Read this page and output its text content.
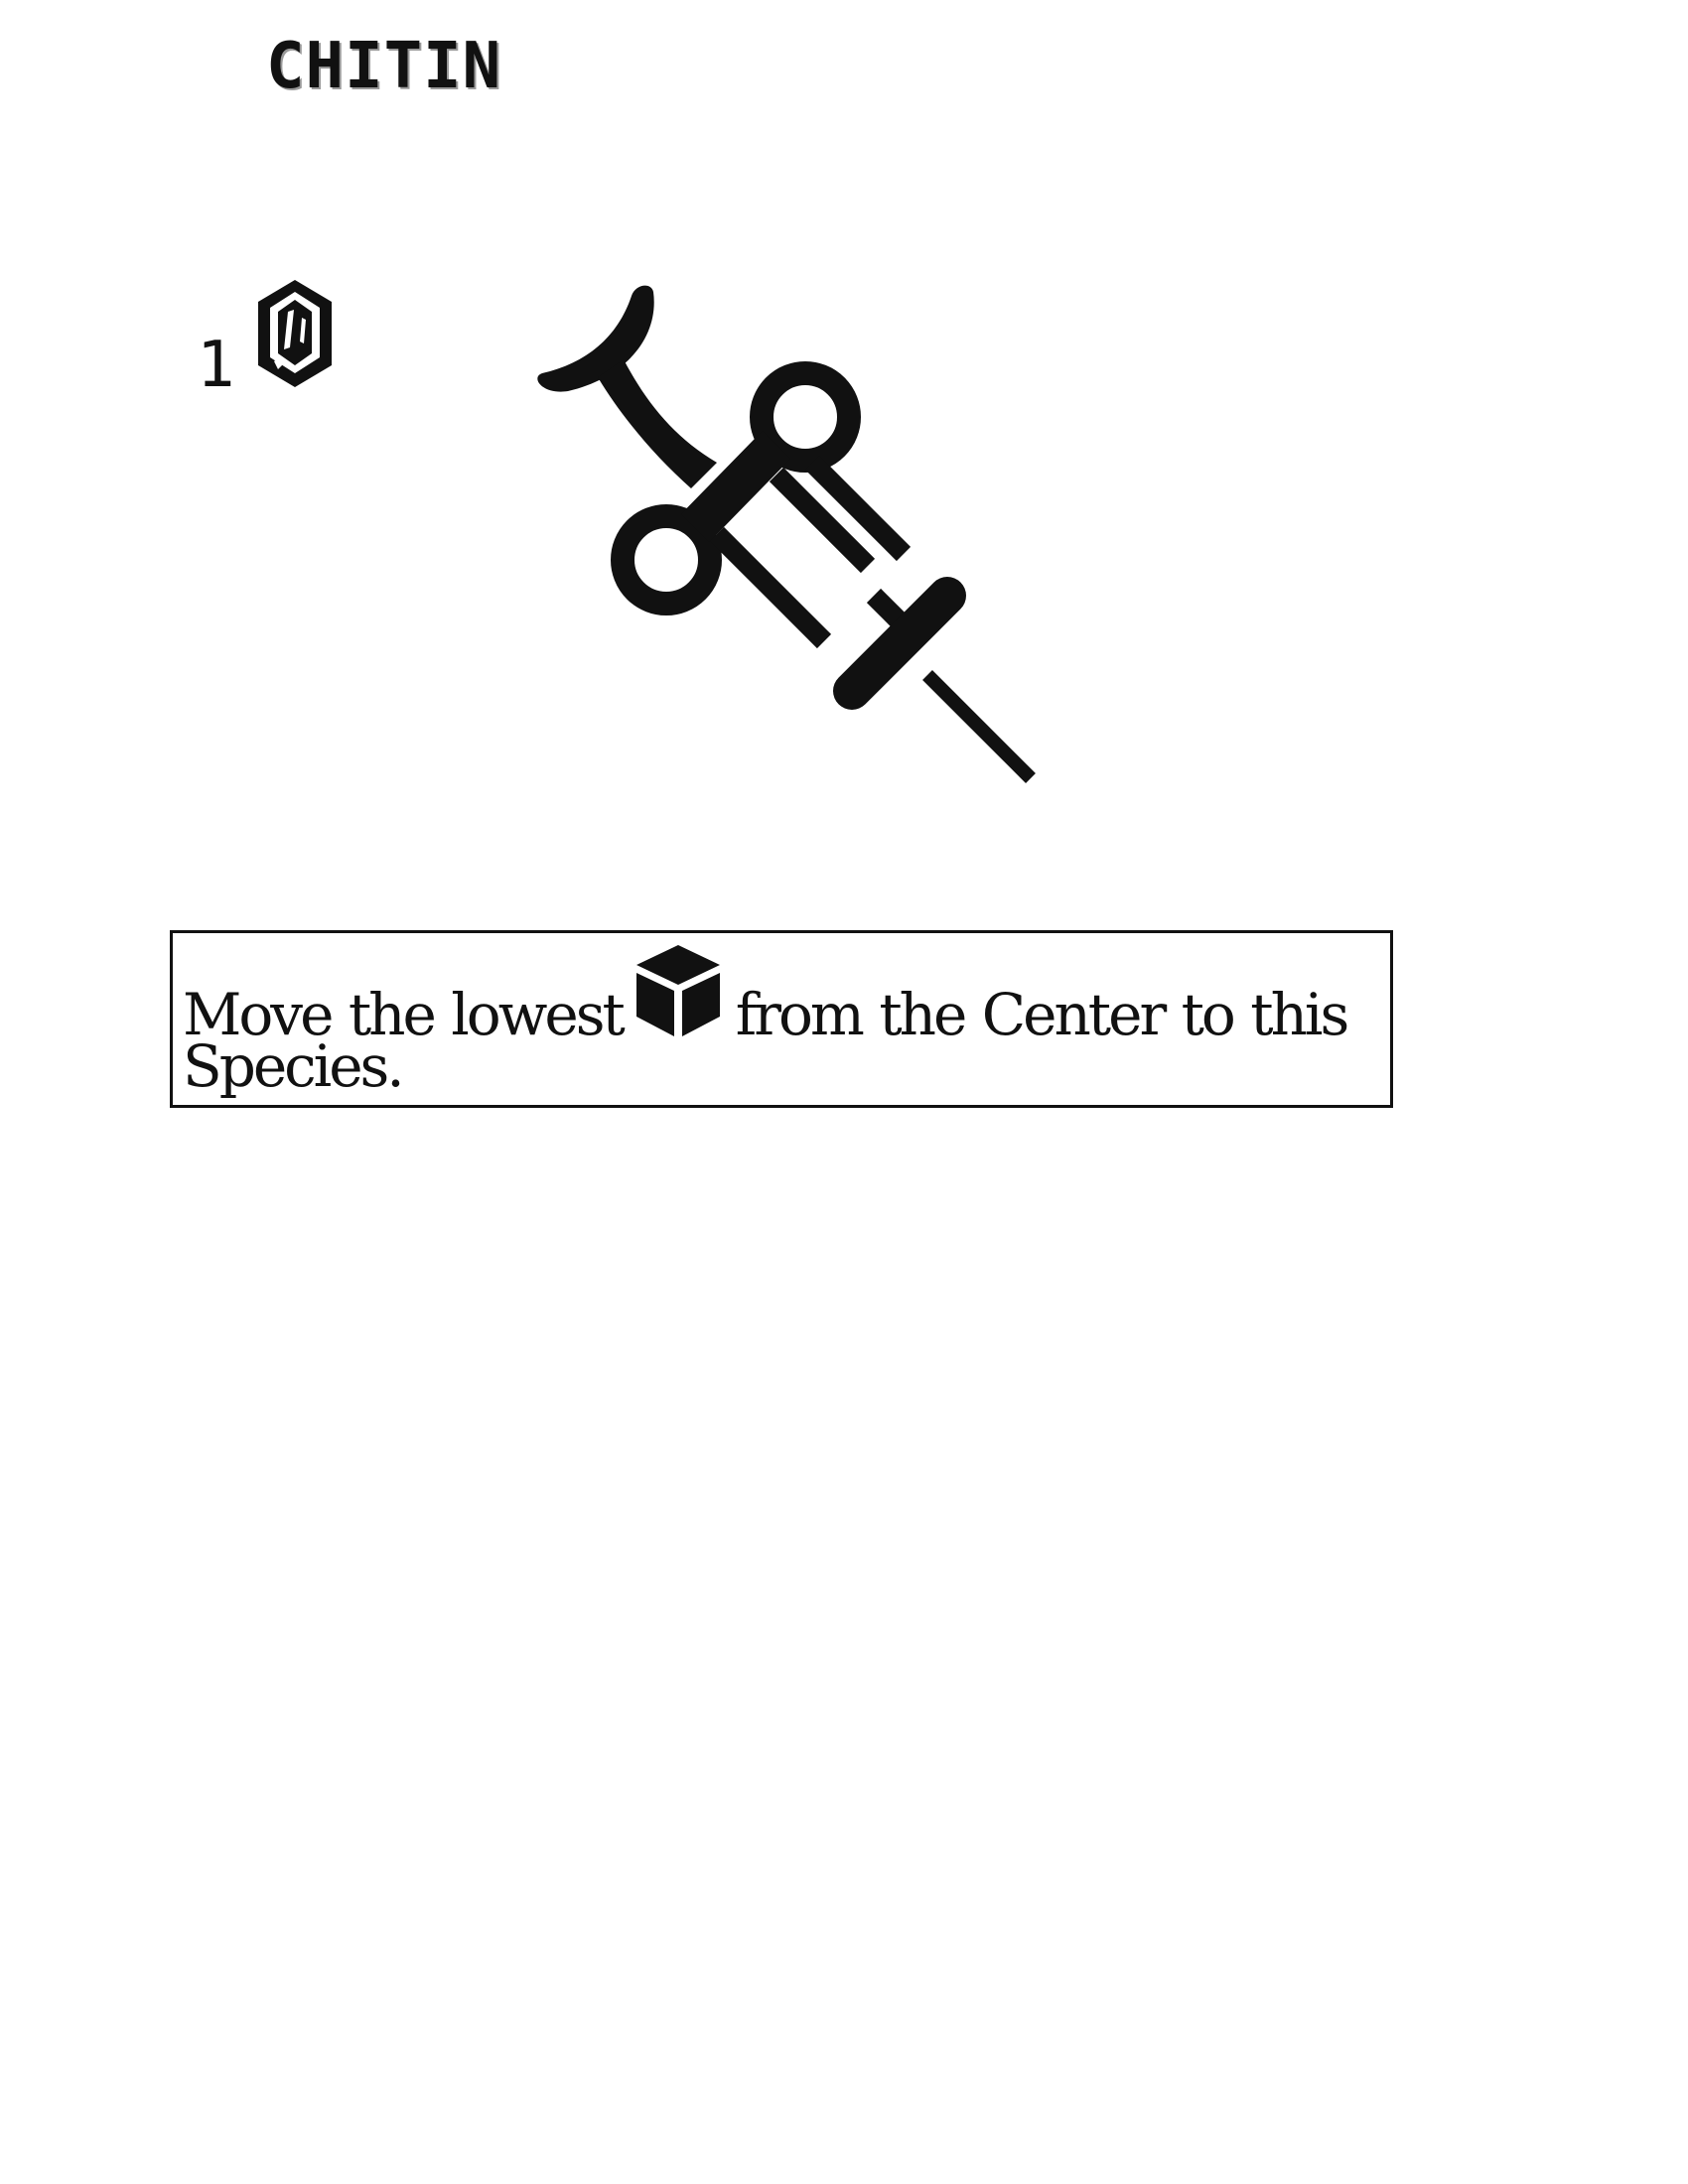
CHITIN
1

Move the lowest from the Center to this Species.
